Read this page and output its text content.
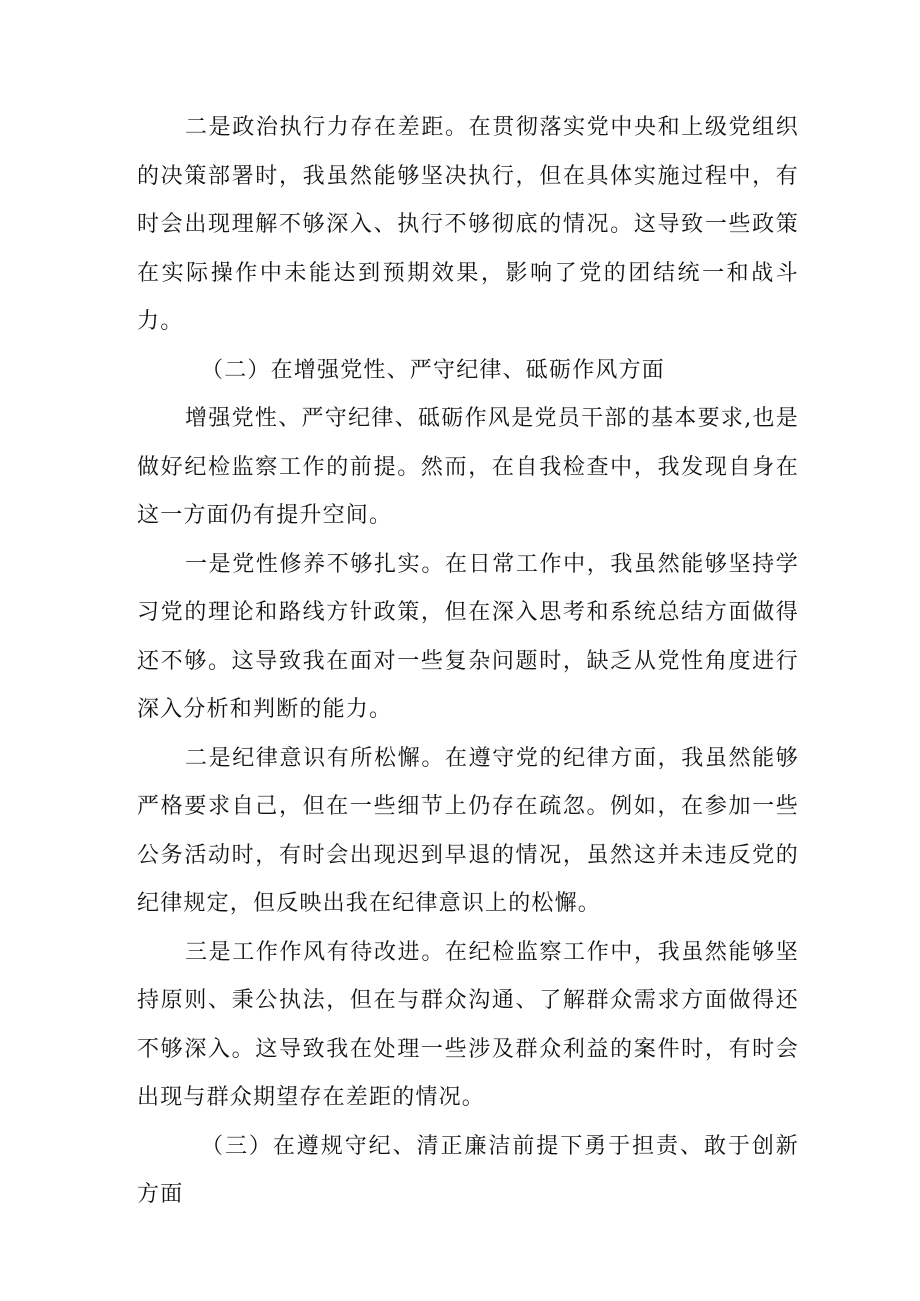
二是政治执行力存在差距。在贯彻落实党中央和上级党组织的决策部署时，我虽然能够坚决执行，但在具体实施过程中，有时会出现理解不够深入、执行不够彻底的情况。这导致一些政策在实际操作中未能达到预期效果，影响了党的团结统一和战斗力。

（二）在增强党性、严守纪律、砥砺作风方面

增强党性、严守纪律、砥砺作风是党员干部的基本要求,也是做好纪检监察工作的前提。然而，在自我检查中，我发现自身在这一方面仍有提升空间。

一是党性修养不够扎实。在日常工作中，我虽然能够坚持学习党的理论和路线方针政策，但在深入思考和系统总结方面做得还不够。这导致我在面对一些复杂问题时，缺乏从党性角度进行深入分析和判断的能力。

二是纪律意识有所松懈。在遵守党的纪律方面，我虽然能够严格要求自己，但在一些细节上仍存在疏忽。例如，在参加一些公务活动时，有时会出现迟到早退的情况，虽然这并未违反党的纪律规定，但反映出我在纪律意识上的松懈。

三是工作作风有待改进。在纪检监察工作中，我虽然能够坚持原则、秉公执法，但在与群众沟通、了解群众需求方面做得还不够深入。这导致我在处理一些涉及群众利益的案件时，有时会出现与群众期望存在差距的情况。

（三）在遵规守纪、清正廉洁前提下勇于担责、敢于创新方面
